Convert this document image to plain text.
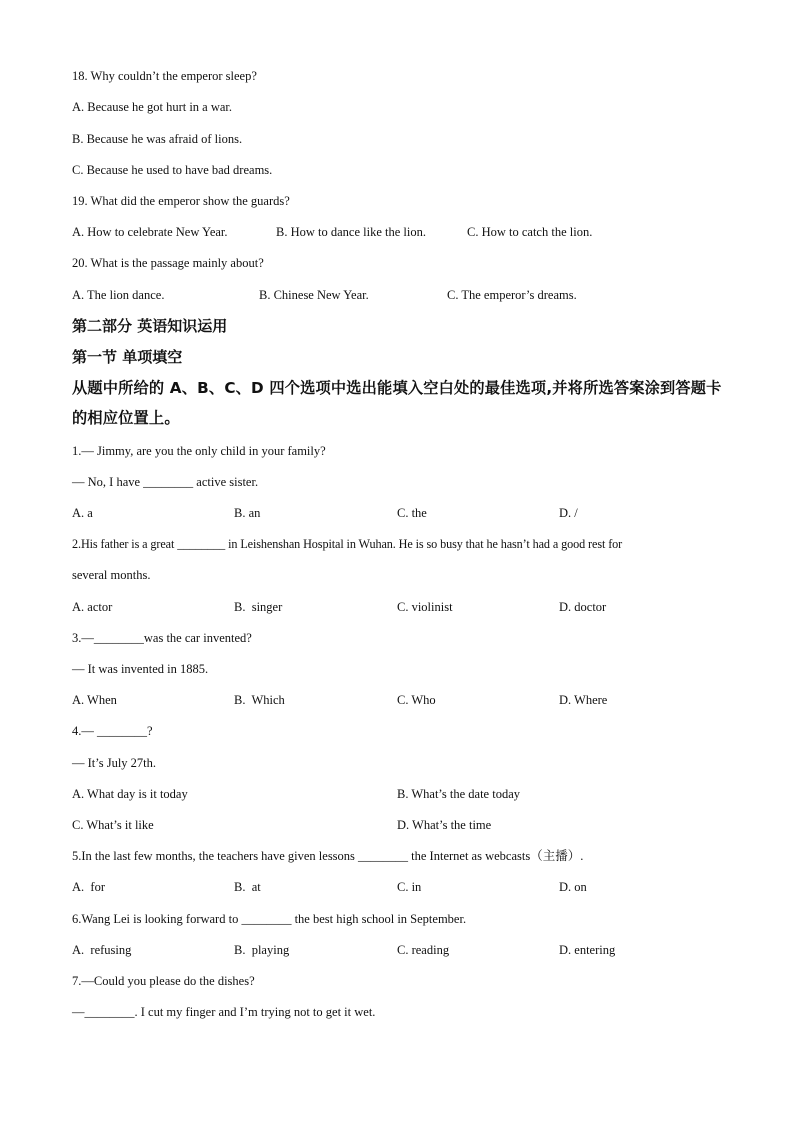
18. Why couldn’t the emperor sleep?
A. Because he got hurt in a war.
B. Because he was afraid of lions.
C. Because he used to have bad dreams.
19. What did the emperor show the guards?
A. How to celebrate New Year.	B. How to dance like the lion.	C. How to catch the lion.
20. What is the passage mainly about?
A. The lion dance.	B. Chinese New Year.	C. The emperor’s dreams.
第二部分 英语知识运用
第一节 单项填空
从题中所给的 A、B、C、D 四个选项中选出能填入空白处的最佳选项,并将所选答案涂到答题卡的相应位置上。
1.— Jimmy, are you the only child in your family?
— No, I have ________ active sister.
A. a	B. an	C. the	D. /
2.His father is a great ________ in Leishenshan Hospital in Wuhan. He is so busy that he hasn’t had a good rest for
several months.
A. actor	B.  singer	C. violinist	D. doctor
3.—________was the car invented?
— It was invented in 1885.
A. When	B.  Which	C. Who	D. Where
4.— ________?
— It’s July 27th.
A. What day is it today	B. What’s the date today
C. What’s it like	D. What’s the time
5.In the last few months, the teachers have given lessons ________ the Internet as webcasts（主播）.
A.  for	B.  at	C. in	D. on
6.Wang Lei is looking forward to ________ the best high school in September.
A.  refusing	B.  playing	C. reading	D. entering
7.—Could you please do the dishes?
—________. I cut my finger and I’m trying not to get it wet.
